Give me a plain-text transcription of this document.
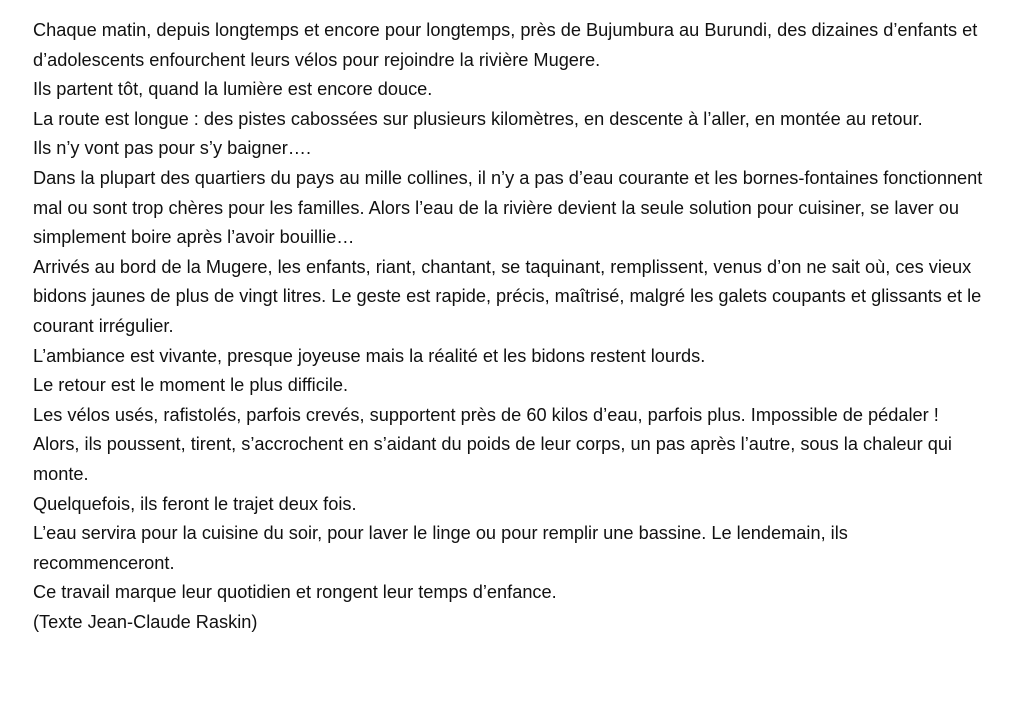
Chaque matin, depuis longtemps et encore pour longtemps, près de Bujumbura au Burundi, des dizaines d’enfants et d’adolescents enfourchent leurs vélos pour rejoindre la rivière Mugere.

Ils partent tôt, quand la lumière est encore douce.

La route est longue : des pistes cabossées sur plusieurs kilomètres, en descente à l’aller, en montée au retour.

Ils n’y vont pas pour s’y baigner….

Dans la plupart des quartiers du pays au mille collines, il n’y a pas d’eau courante et les bornes-fontaines fonctionnent mal ou sont trop chères pour les familles. Alors l’eau de la rivière devient la seule solution pour cuisiner, se laver ou simplement boire après l’avoir bouillie…

Arrivés au bord de la Mugere, les enfants, riant, chantant, se taquinant, remplissent, venus d’on ne sait où, ces vieux bidons jaunes de plus de vingt litres. Le geste est rapide, précis, maîtrisé, malgré les galets coupants et glissants et le courant irrégulier.

L’ambiance est vivante, presque joyeuse mais la réalité et les bidons restent lourds.

Le retour est le moment le plus difficile.

Les vélos usés, rafistolés, parfois crevés, supportent près de 60 kilos d’eau, parfois plus. Impossible de pédaler !

Alors, ils poussent, tirent, s’accrochent en s’aidant du poids de leur corps, un pas après l’autre, sous la chaleur qui monte.

Quelquefois, ils feront le trajet deux fois.

L’eau servira pour la cuisine du soir, pour laver le linge ou pour remplir une bassine. Le lendemain, ils recommenceront.

Ce travail marque leur quotidien et rongent leur temps d’enfance.

(Texte Jean-Claude Raskin)
